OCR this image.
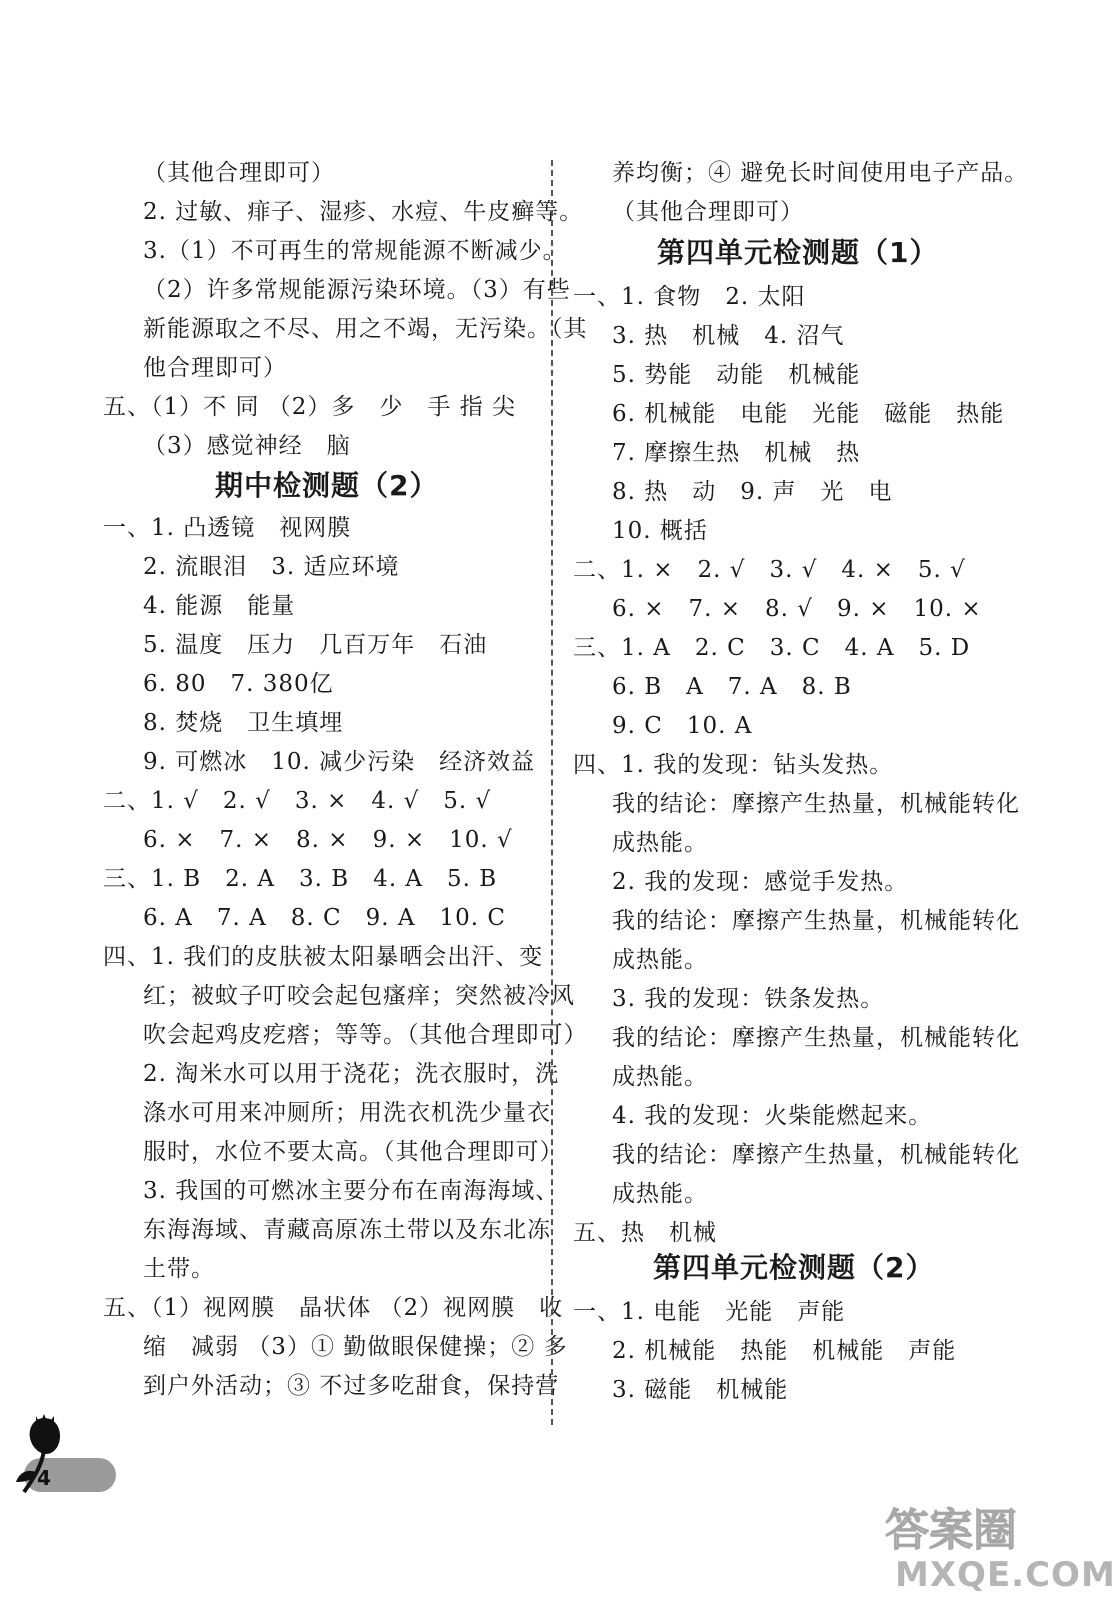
（其他合理即可）
2. 过敏、痱子、湿疹、水痘、牛皮癣等。
3.（1）不可再生的常规能源不断减少。
（2）许多常规能源污染环境。（3）有些
新能源取之不尽、用之不竭，无污染。（其
他合理即可）
五、（1）不 同 （2）多　少　手 指 尖
（3）感觉神经　脑
期中检测题（2）
一、1. 凸透镜　视网膜
2. 流眼泪　3. 适应环境
4. 能源　能量
5. 温度　压力　几百万年　石油
6. 80　7. 380亿
8. 焚烧　卫生填埋
9. 可燃冰　10. 减少污染　经济效益
二、1. √　2. √　3. ×　4. √　5. √
6. ×　7. ×　8. ×　9. ×　10. √
三、1. B　2. A　3. B　4. A　5. B
6. A　7. A　8. C　9. A　10. C
四、1. 我们的皮肤被太阳暴晒会出汗、变
红；被蚊子叮咬会起包瘙痒；突然被冷风
吹会起鸡皮疙瘩；等等。（其他合理即可）
2. 淘米水可以用于浇花；洗衣服时，洗
涤水可用来冲厕所；用洗衣机洗少量衣
服时，水位不要太高。（其他合理即可）
3. 我国的可燃冰主要分布在南海海域、
东海海域、青藏高原冻土带以及东北冻
土带。
五、（1）视网膜　晶状体 （2）视网膜　收
缩　减弱 （3）① 勤做眼保健操；② 多
到户外活动；③ 不过多吃甜食，保持营
养均衡；④ 避免长时间使用电子产品。
（其他合理即可）
第四单元检测题（1）
一、1. 食物　2. 太阳
3. 热　机械　4. 沼气
5. 势能　动能　机械能
6. 机械能　电能　光能　磁能　热能
7. 摩擦生热　机械　热
8. 热　动　9. 声　光　电
10. 概括
二、1. ×　2. √　3. √　4. ×　5. √
6. ×　7. ×　8. √　9. ×　10. ×
三、1. A　2. C　3. C　4. A　5. D
6. B　A　7. A　8. B
9. C　10. A
四、1. 我的发现：钻头发热。
我的结论：摩擦产生热量，机械能转化
成热能。
2. 我的发现：感觉手发热。
我的结论：摩擦产生热量，机械能转化
成热能。
3. 我的发现：铁条发热。
我的结论：摩擦产生热量，机械能转化
成热能。
4. 我的发现：火柴能燃起来。
我的结论：摩擦产生热量，机械能转化
成热能。
五、热　机械
第四单元检测题（2）
一、1. 电能　光能　声能
2. 机械能　热能　机械能　声能
3. 磁能　机械能
4
答案圈
MXQE.COM
